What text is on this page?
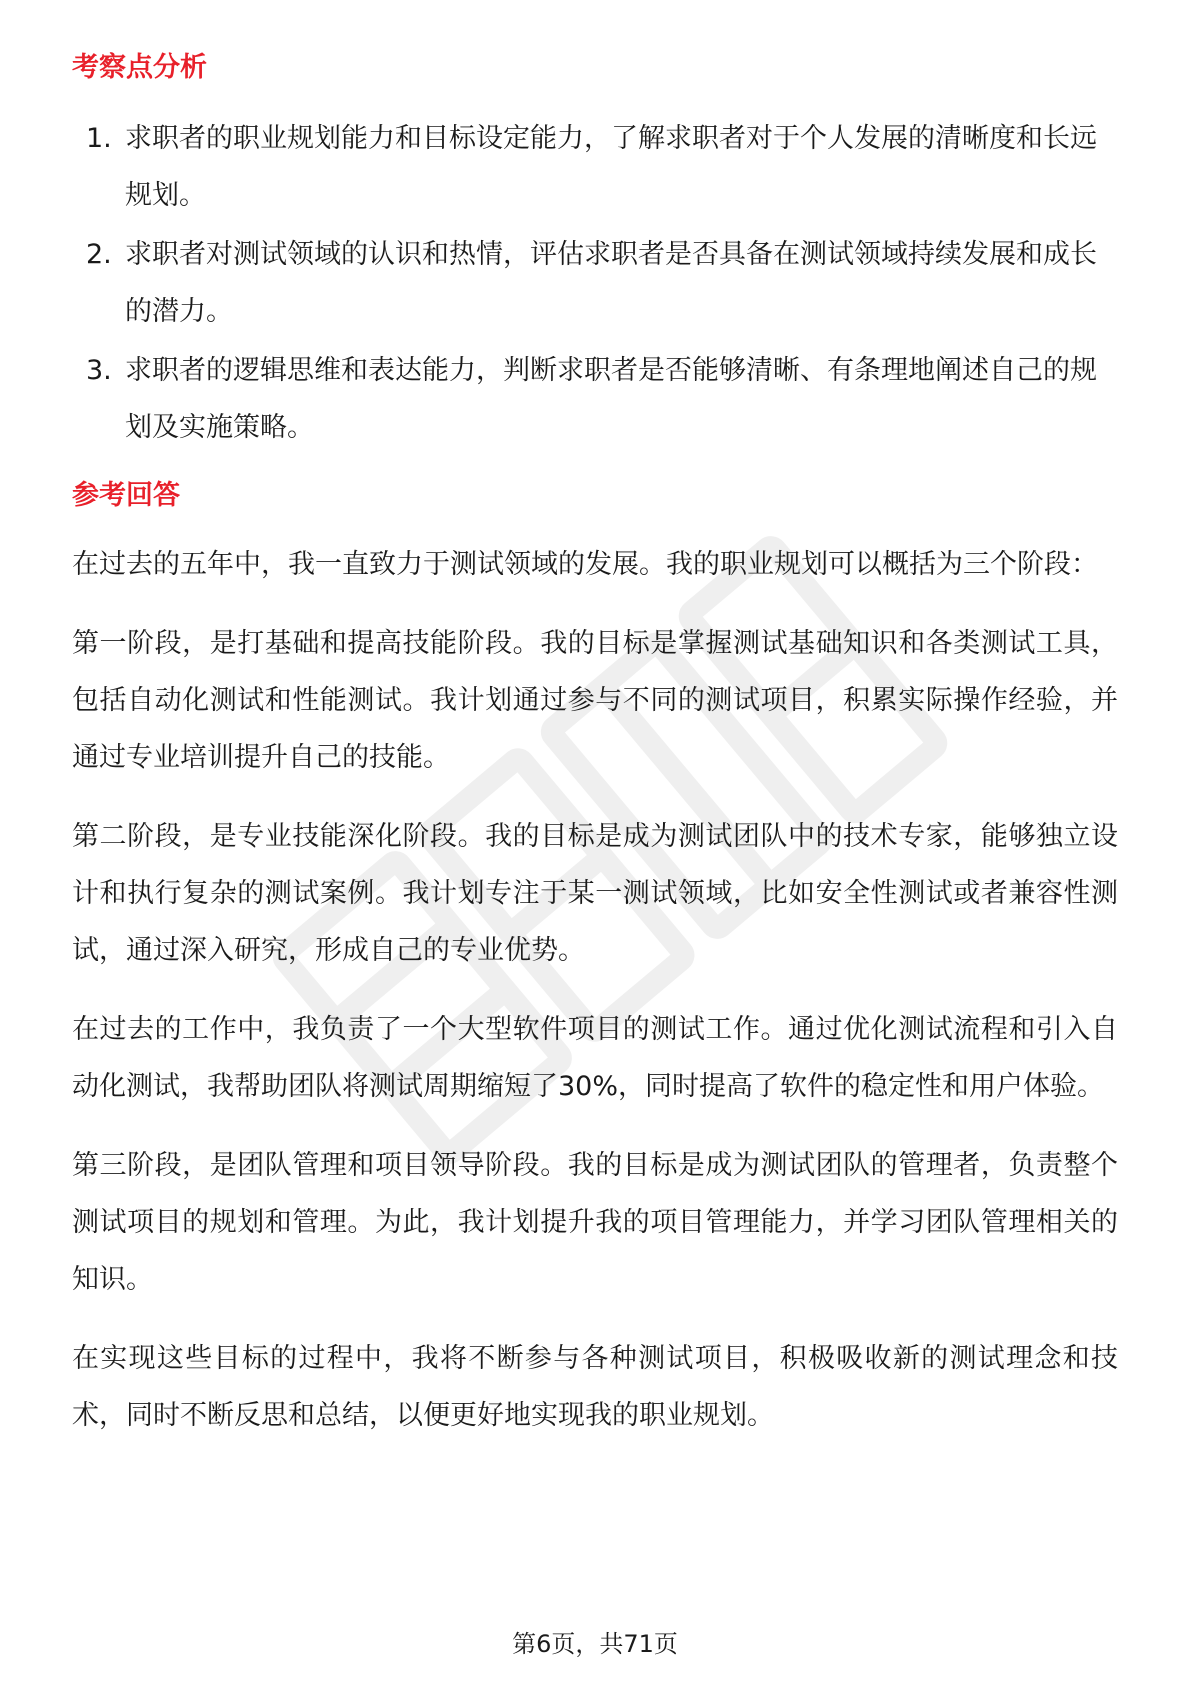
考察点分析
1. 求职者的职业规划能力和目标设定能力，了解求职者对于个人发展的清晰度和长远规划。
2. 求职者对测试领域的认识和热情，评估求职者是否具备在测试领域持续发展和成长的潜力。
3. 求职者的逻辑思维和表达能力，判断求职者是否能够清晰、有条理地阐述自己的规划及实施策略。
参考回答

在过去的五年中，我一直致力于测试领域的发展。我的职业规划可以概括为三个阶段：

第一阶段，是打基础和提高技能阶段。我的目标是掌握测试基础知识和各类测试工具，包括自动化测试和性能测试。我计划通过参与不同的测试项目，积累实际操作经验，并通过专业培训提升自己的技能。

第二阶段，是专业技能深化阶段。我的目标是成为测试团队中的技术专家，能够独立设计和执行复杂的测试案例。我计划专注于某一测试领域，比如安全性测试或者兼容性测试，通过深入研究，形成自己的专业优势。

在过去的工作中，我负责了一个大型软件项目的测试工作。通过优化测试流程和引入自动化测试，我帮助团队将测试周期缩短了30%，同时提高了软件的稳定性和用户体验。

第三阶段，是团队管理和项目领导阶段。我的目标是成为测试团队的管理者，负责整个测试项目的规划和管理。为此，我计划提升我的项目管理能力，并学习团队管理相关的知识。

在实现这些目标的过程中，我将不断参与各种测试项目，积极吸收新的测试理念和技术，同时不断反思和总结，以便更好地实现我的职业规划。

第6页，共71页
